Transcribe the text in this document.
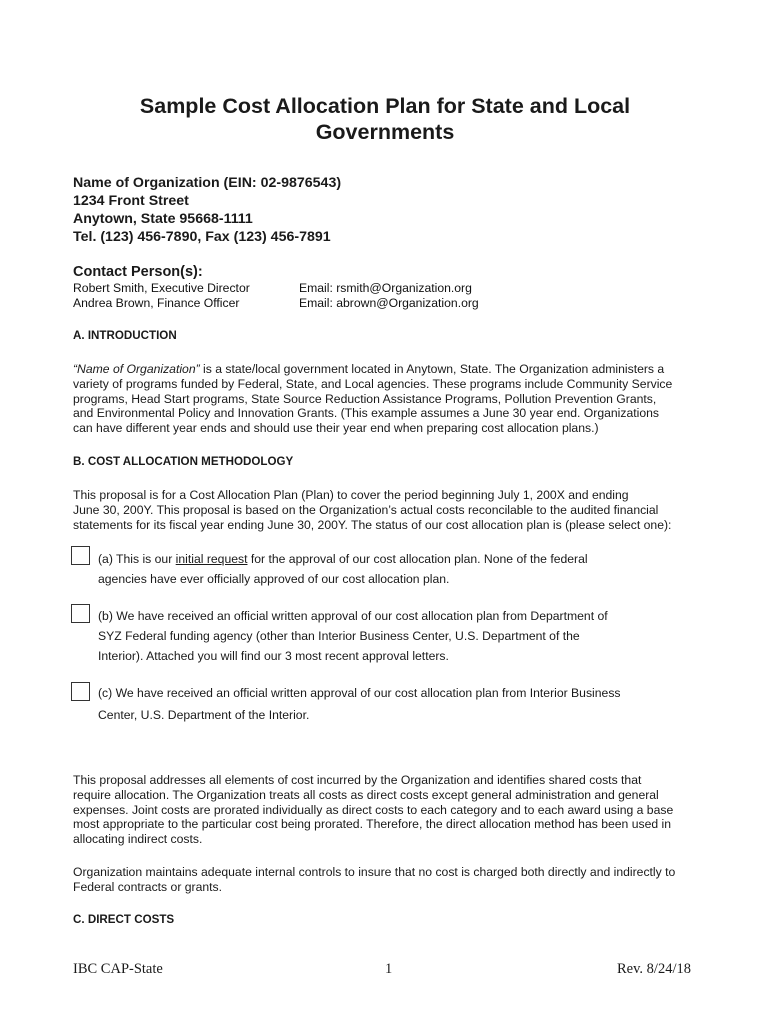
Sample Cost Allocation Plan for State and Local
Governments
Name of Organization (EIN: 02-9876543)
1234 Front Street
Anytown, State 95668-1111
Tel. (123) 456-7890, Fax (123) 456-7891
Contact Person(s):
Robert Smith, Executive Director	Email: rsmith@Organization.org
Andrea Brown, Finance Officer	Email: abrown@Organization.org
A. INTRODUCTION
“Name of Organization” is a state/local government located in Anytown, State. The Organization administers a
variety of programs funded by Federal, State, and Local agencies. These programs include Community Service
programs, Head Start programs, State Source Reduction Assistance Programs, Pollution Prevention Grants,
and Environmental Policy and Innovation Grants. (This example assumes a June 30 year end. Organizations
can have different year ends and should use their year end when preparing cost allocation plans.)
B. COST ALLOCATION METHODOLOGY
This proposal is for a Cost Allocation Plan (Plan) to cover the period beginning July 1, 200X and ending
June 30, 200Y. This proposal is based on the Organization’s actual costs reconcilable to the audited financial
statements for its fiscal year ending June 30, 200Y. The status of our cost allocation plan is (please select one):
(a) This is our initial request for the approval of our cost allocation plan. None of the federal
agencies have ever officially approved of our cost allocation plan.
(b) We have received an official written approval of our cost allocation plan from Department of
SYZ Federal funding agency (other than Interior Business Center, U.S. Department of the
Interior). Attached you will find our 3 most recent approval letters.
(c) We have received an official written approval of our cost allocation plan from Interior Business
Center, U.S. Department of the Interior.
This proposal addresses all elements of cost incurred by the Organization and identifies shared costs that
require allocation. The Organization treats all costs as direct costs except general administration and general
expenses. Joint costs are prorated individually as direct costs to each category and to each award using a base
most appropriate to the particular cost being prorated. Therefore, the direct allocation method has been used in
allocating indirect costs.
Organization maintains adequate internal controls to insure that no cost is charged both directly and indirectly to
Federal contracts or grants.
C. DIRECT COSTS
IBC CAP-State	1	Rev. 8/24/18
